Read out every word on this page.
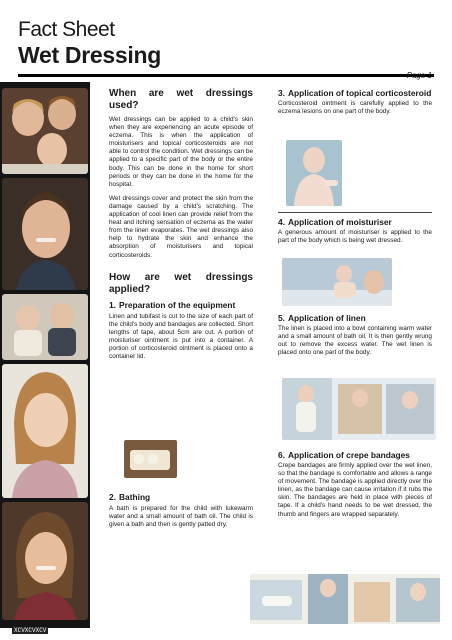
Fact Sheet
Wet Dressing
Page 1
XCVXCVXCV
When are wet dressings used?
Wet dressings can be applied to a child's skin when they are experiencing an acute episode of eczema. This is when the application of moisturisers and topical corticosteroids are not able to control the condition. Wet dressings can be applied to a specific part of the body or the entire body. This can be done in the home for short periods or they can be done in the home for the hospital.
Wet dressings cover and protect the skin from the damage caused by a child's scratching. The application of cool linen can provide relief from the heat and itching sensation of eczema as the water from the linen evaporates. The wet dressings also help to hydrate the skin and enhance the absorption of moisturisers and topical corticosteroids.
How are wet dressings applied?
1. Preparation of the equipment
Linen and tubifast is cut to the size of each part of the child's body and bandages are collected. Short lengths of tape, about 5cm are cut. A portion of moisturiser ointment is put into a container. A portion of corticosteroid ointment is placed onto a container lid.
2. Bathing
A bath is prepared for the child with lukewarm water and a small amount of bath oil. The child is given a bath and then is gently patted dry.
3. Application of topical corticosteroid
Corticosteroid ointment is carefully applied to the eczema lesions on one part of the body.
4. Application of moisturiser
A generous amount of moisturiser is applied to the part of the body which is being wet dressed.
5. Application of linen
The linen is placed into a bowl containing warm water and a small amount of bath oil. It is then gently wrung out to remove the excess water. The wet linen is placed onto one part of the body.
6. Application of crepe bandages
Crepe bandages are firmly applied over the wet linen, so that the bandage is comfortable and allows a range of movement. The bandage is applied directly over the linen, as the bandage can cause irritation if it rubs the skin. The bandages are held in place with pieces of tape. If a child's hand needs to be wet dressed, the thumb and fingers are wrapped separately.
